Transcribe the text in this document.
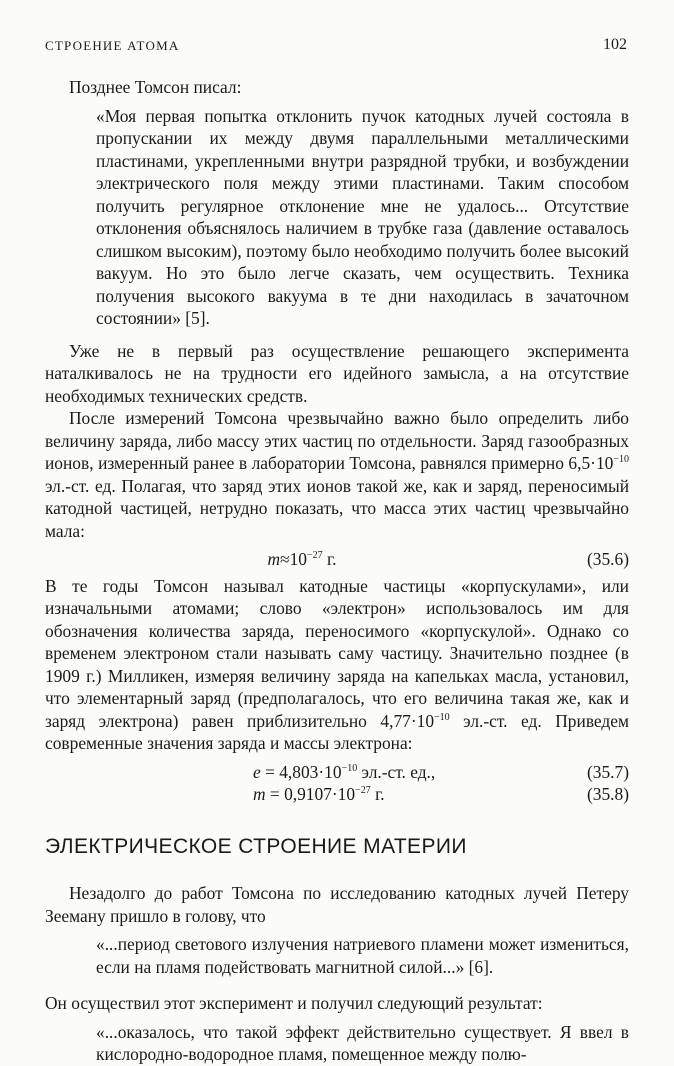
СТРОЕНИЕ АТОМА	102

Позднее Томсон писал:

«Моя первая попытка отклонить пучок катодных лучей состояла в пропускании их между двумя параллельными металлическими пластинами, укрепленными внутри разрядной трубки, и возбуждении электрического поля между этими пластинами. Таким способом получить регулярное отклонение мне не удалось... Отсутствие отклонения объяснялось наличием в трубке газа (давление оставалось слишком высоким), поэтому было необходимо получить более высокий вакуум. Но это было легче сказать, чем осуществить. Техника получения высокого вакуума в те дни находилась в зачаточном состоянии» [5].

Уже не в первый раз осуществление решающего эксперимента наталкивалось не на трудности его идейного замысла, а на отсутствие необходимых технических средств.

После измерений Томсона чрезвычайно важно было определить либо величину заряда, либо массу этих частиц по отдельности. Заряд газообразных ионов, измеренный ранее в лаборатории Томсона, равнялся примерно $6,5\cdot 10^{-10}$ эл.-ст. ед. Полагая, что заряд этих ионов такой же, как и заряд, переносимый катодной частицей, нетрудно показать, что масса этих частиц чрезвычайно мала:

$m\approx 10^{-27}$ г.	(35.6)

В те годы Томсон называл катодные частицы «корпускулами», или изначальными атомами; слово «электрон» использовалось им для обозначения количества заряда, переносимого «корпускулой». Однако со временем электроном стали называть саму частицу. Значительно позднее (в 1909 г.) Милликен, измеряя величину заряда на капельках масла, установил, что элементарный заряд (предполагалось, что его величина такая же, как и заряд электрона) равен приблизительно $4,77\cdot 10^{-10}$ эл.-ст. ед. Приведем современные значения заряда и массы электрона:

$e = 4,803\cdot 10^{-10}$ эл.-ст. ед.,	(35.7)
$m = 0,9107\cdot 10^{-27}$ г.	(35.8)
ЭЛЕКТРИЧЕСКОЕ СТРОЕНИЕ МАТЕРИИ

Незадолго до работ Томсона по исследованию катодных лучей Петеру Зееману пришло в голову, что

«...период светового излучения натриевого пламени может измениться, если на пламя подействовать магнитной силой...» [6].

Он осуществил этот эксперимент и получил следующий результат:

«...оказалось, что такой эффект действительно существует. Я ввел в кислородно-водородное пламя, помещенное между полю-
